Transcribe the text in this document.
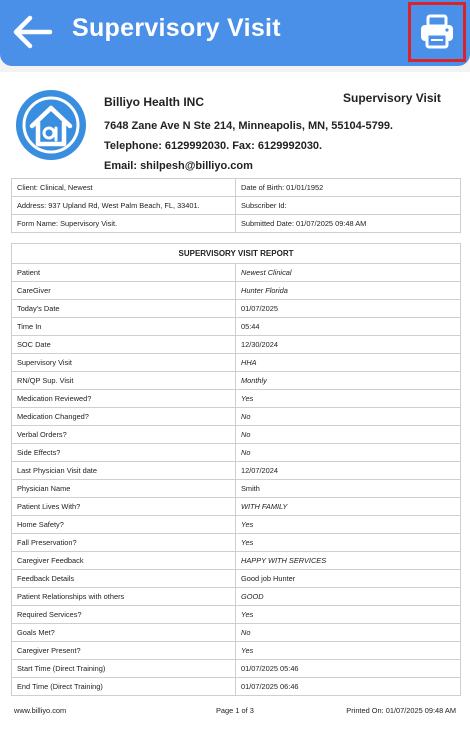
Supervisory Visit
Billiyo Health INC
7648 Zane Ave N Ste 214, Minneapolis, MN, 55104-5799.
Telephone: 6129992030. Fax: 6129992030.
Email: shilpesh@billiyo.com
Supervisory Visit
Client: Clinical, Newest	Date of Birth: 01/01/1952
Address: 937 Upland Rd, West Palm Beach, FL, 33401.	Subscriber Id:
Form Name: Supervisory Visit.	Submitted Date: 01/07/2025 09:48 AM
SUPERVISORY VISIT REPORT	
Patient	Newest Clinical
CareGiver	Hunter Florida
Today's Date	01/07/2025
Time In	05:44
SOC Date	12/30/2024
Supervisory Visit	HHA
RN/QP Sup. Visit	Monthly
Medication Reviewed?	Yes
Medication Changed?	No
Verbal Orders?	No
Side Effects?	No
Last Physician Visit date	12/07/2024
Physician Name	Smith
Patient Lives With?	WITH FAMILY
Home Safety?	Yes
Fall Preservation?	Yes
Caregiver Feedback	HAPPY WITH SERVICES
Feedback Details	Good job Hunter
Patient Relationships with others	GOOD
Required Services?	Yes
Goals Met?	No
Caregiver Present?	Yes
Start Time (Direct Training)	01/07/2025 05:46
End Time (Direct Training)	01/07/2025 06:46
www.billiyo.com	Page 1 of 3	Printed On: 01/07/2025 09:48 AM
